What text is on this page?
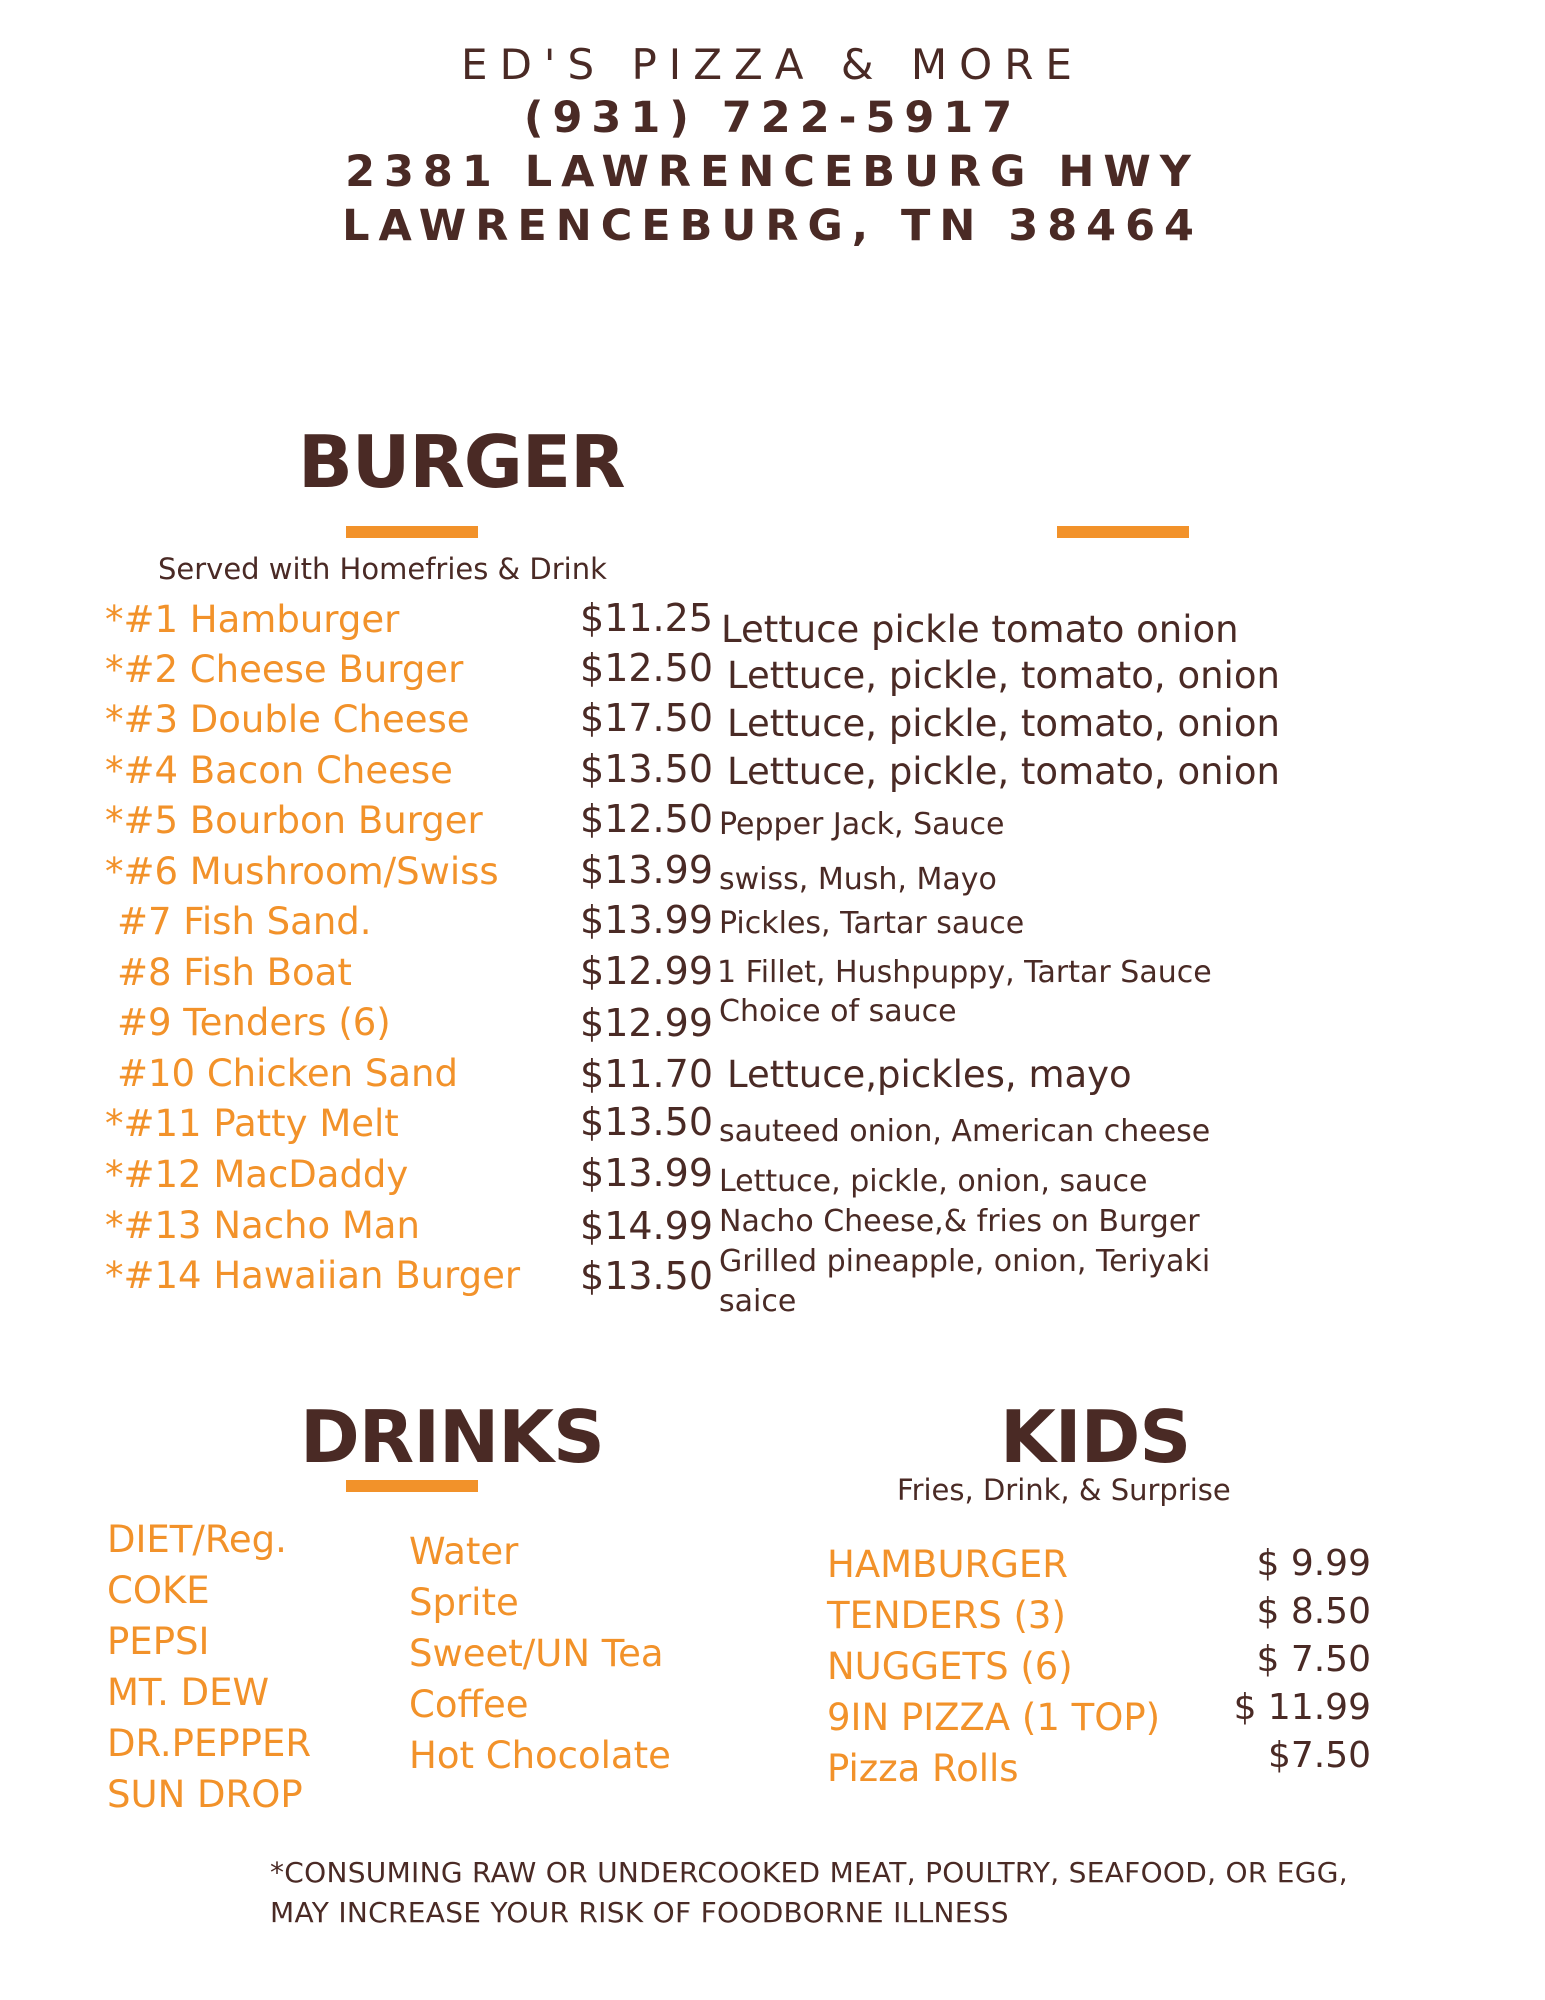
ED'S PIZZA & MORE
(931) 722-5917
2381 LAWRENCEBURG HWY
LAWRENCEBURG, TN 38464
BURGER
Served with Homefries & Drink
*#1 Hamburger	$11.25 Lettuce pickle tomato onion
*#2 Cheese Burger	$12.50 Lettuce, pickle, tomato, onion
*#3 Double Cheese	$17.50 Lettuce, pickle, tomato, onion
*#4 Bacon Cheese	$13.50 Lettuce, pickle, tomato, onion
*#5 Bourbon Burger	$12.50 Pepper Jack, Sauce
*#6 Mushroom/Swiss	$13.99 swiss, Mush, Mayo
#7 Fish Sand.	$13.99 Pickles, Tartar sauce
#8 Fish Boat	$12.99 1 Fillet, Hushpuppy, Tartar Sauce
#9 Tenders (6)	$12.99 Choice of sauce
#10 Chicken Sand	$11.70 Lettuce,pickles, mayo
*#11 Patty Melt	$13.50 sauteed onion, American cheese
*#12 MacDaddy	$13.99 Lettuce, pickle, onion, sauce
*#13 Nacho Man	$14.99 Nacho Cheese,& fries on Burger
*#14 Hawaiian Burger	$13.50 Grilled pineapple, onion, Teriyaki
saice
DRINKS
DIET/Reg.
COKE
PEPSI
MT. DEW
DR.PEPPER
SUN DROP
Water
Sprite
Sweet/UN Tea
Coffee
Hot Chocolate
KIDS
Fries, Drink, & Surprise
HAMBURGER	$ 9.99
TENDERS (3)	$ 8.50
NUGGETS (6)	$ 7.50
9IN PIZZA (1 TOP)	$ 11.99
Pizza Rolls	$7.50
*CONSUMING RAW OR UNDERCOOKED MEAT, POULTRY, SEAFOOD, OR EGG,
MAY INCREASE YOUR RISK OF FOODBORNE ILLNESS
